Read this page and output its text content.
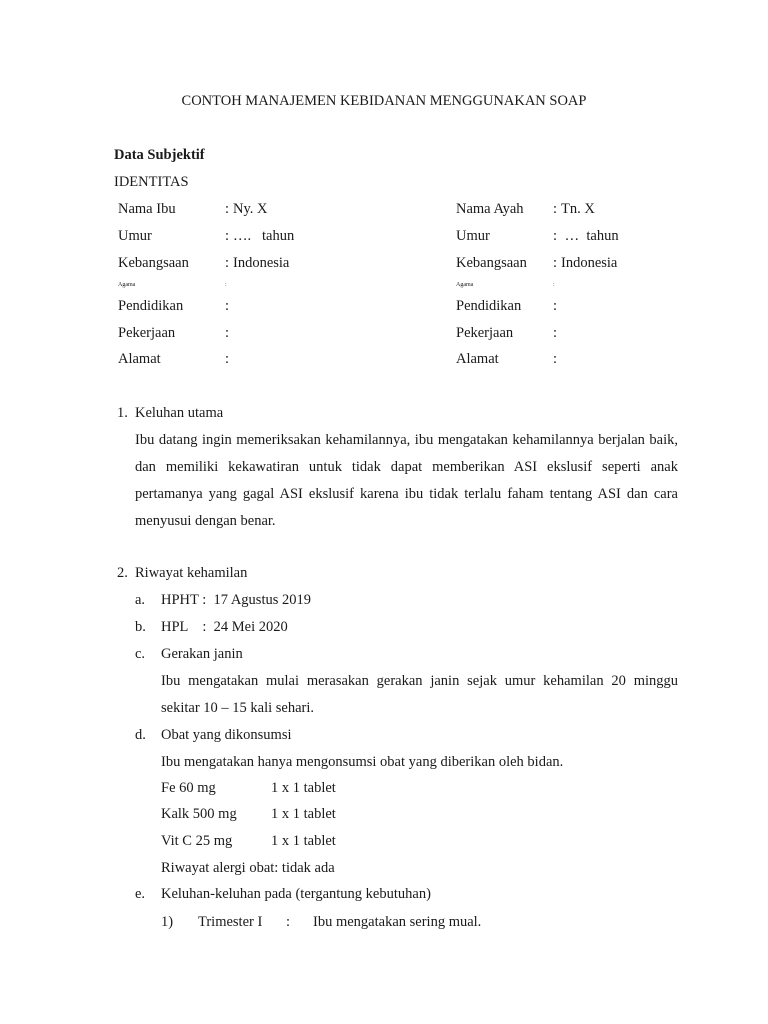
CONTOH MANAJEMEN KEBIDANAN MENGGUNAKAN SOAP
Data Subjektif
IDENTITAS
Nama Ibu	: Ny. X
Umur	: ….   tahun
Kebangsaan : Indonesia
Agama	:
Pendidikan	:
Pekerjaan	:
Alamat	:
Nama Ayah : Tn. X
Umur	: …  tahun
Kebangsaan : Indonesia
Agama	:
Pendidikan :
Pekerjaan	:
Alamat	:
1. Keluhan utama
Ibu datang ingin memeriksakan kehamilannya, ibu mengatakan kehamilannya berjalan baik, dan memiliki kekawatiran untuk tidak dapat memberikan ASI ekslusif seperti anak pertamanya yang gagal ASI ekslusif karena ibu tidak terlalu faham tentang ASI dan cara menyusui dengan benar.
2. Riwayat kehamilan
a. HPHT :  17 Agustus 2019
b. HPL    :  24 Mei 2020
c. Gerakan janin
Ibu mengatakan mulai merasakan gerakan janin sejak umur kehamilan 20 minggu sekitar 10 – 15 kali sehari.
d. Obat yang dikonsumsi
Ibu mengatakan hanya mengonsumsi obat yang diberikan oleh bidan.
Fe 60 mg	1 x 1 tablet
Kalk 500 mg 1 x 1 tablet
Vit C 25 mg	1 x 1 tablet
Riwayat alergi obat: tidak ada
e. Keluhan-keluhan pada (tergantung kebutuhan)
1) Trimester I : Ibu mengatakan sering mual.
